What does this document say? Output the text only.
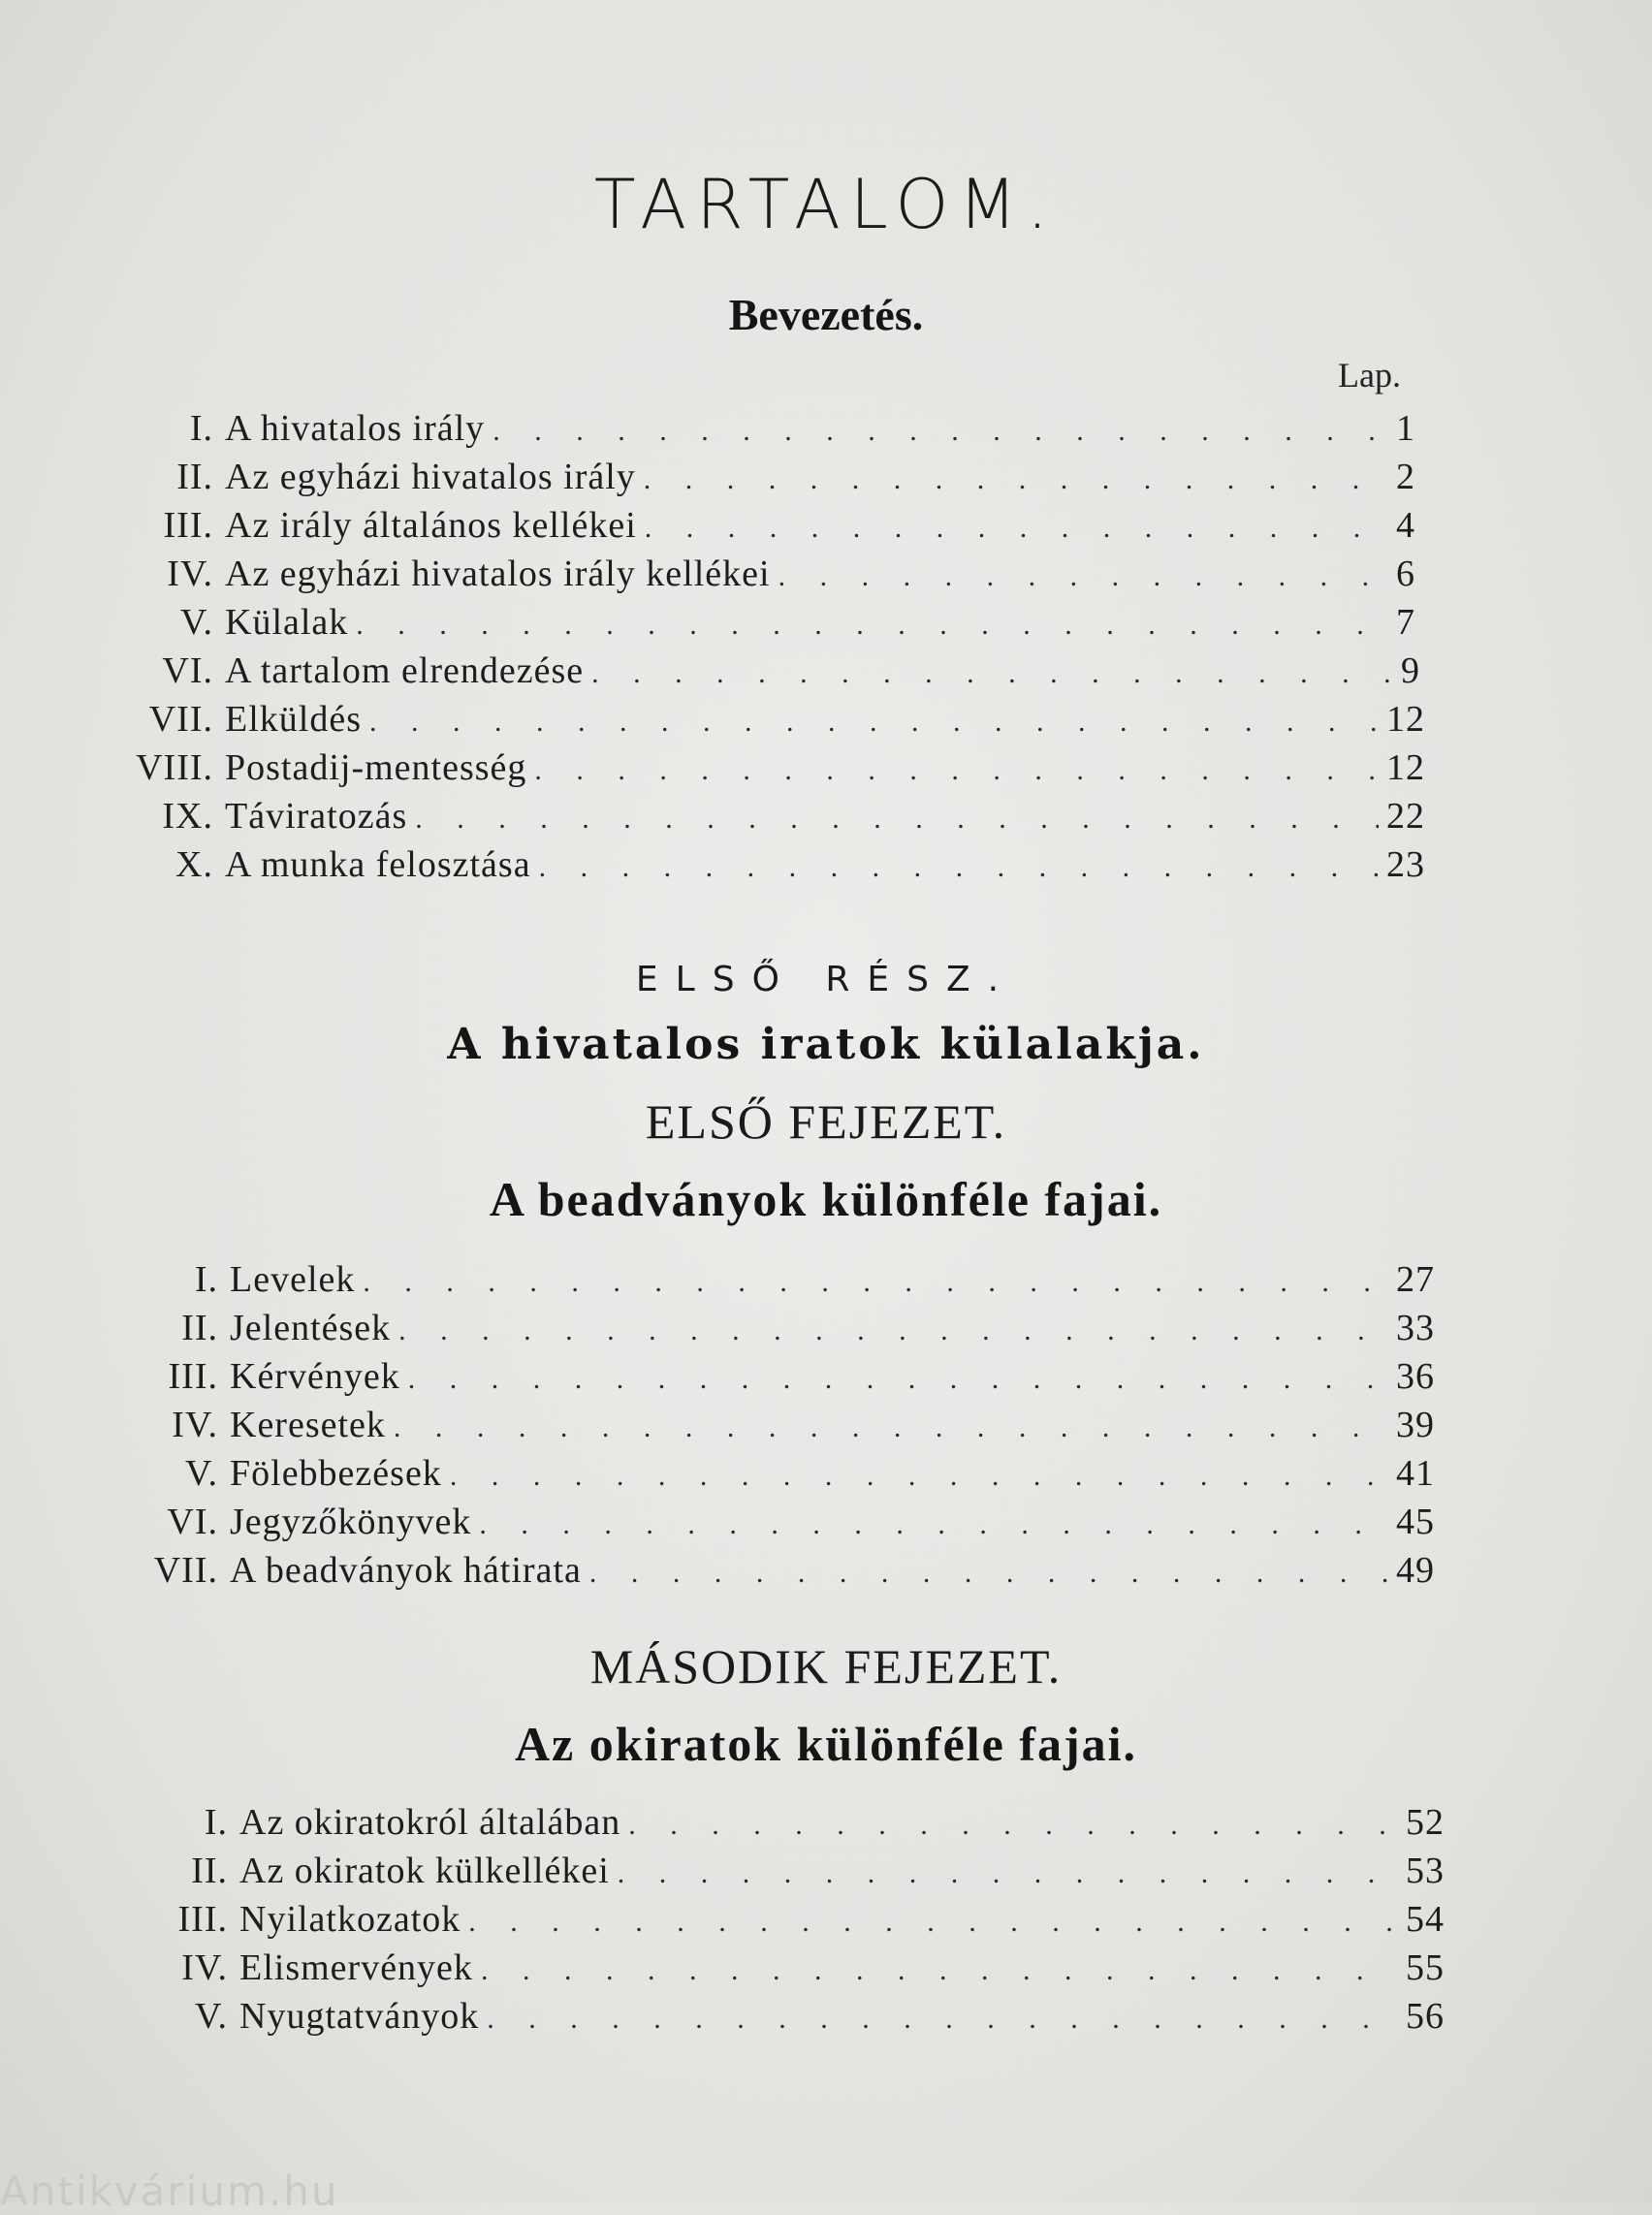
TARTALOM.
Bevezetés.
Lap.
I. A hivatalos irály . . .	1
II. Az egyházi hivatalos irály . . .	2
III. Az irály általános kellékei . . .	4
IV. Az egyházi hivatalos irály kellékei . . .	6
V. Külalak . . .	7
VI. A tartalom elrendezése . . .	9
VII. Elküldés . . .	12
VIII. Postadij-mentesség . . .	12
IX. Táviratozás . . .	22
X. A munka felosztása . . .	23
ELSŐ RÉSZ.
A hivatalos iratok külalakja.
ELSŐ FEJEZET.
A beadványok különféle fajai.
I. Levelek . . .	27
II. Jelentések . . .	33
III. Kérvények . . .	36
IV. Keresetek . . .	39
V. Fölebbezések . . .	41
VI. Jegyzőkönyvek . . .	45
VII. A beadványok hátirata . . .	49
MÁSODIK FEJEZET.
Az okiratok különféle fajai.
I. Az okiratokról általában . . .	52
II. Az okiratok külkellékei . . .	53
III. Nyilatkozatok . . .	54
IV. Elismervények . . .	55
V. Nyugtatványok . . .	56
Antikvárium.hu
